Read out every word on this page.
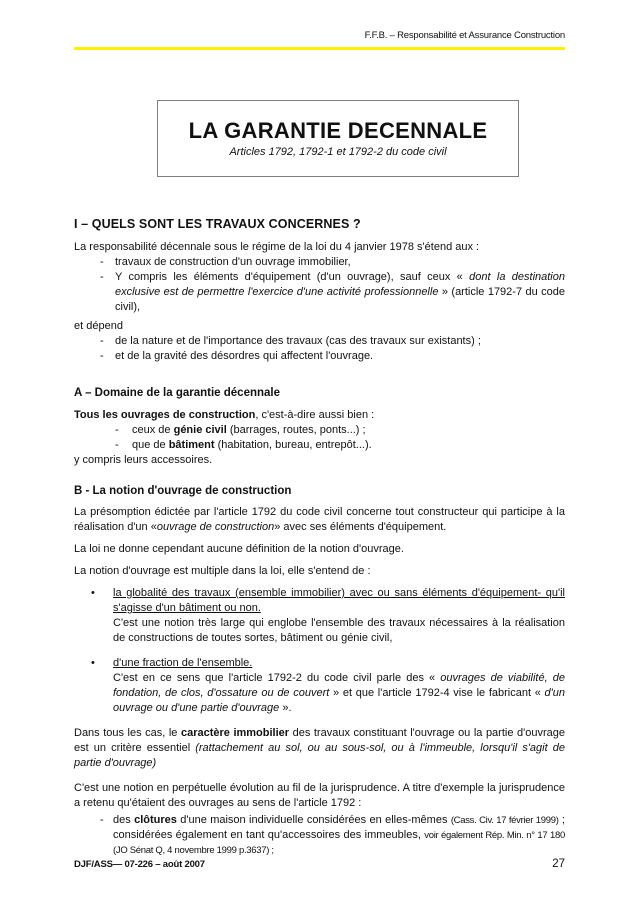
F.F.B. – Responsabilité et Assurance Construction
LA GARANTIE DECENNALE
Articles 1792, 1792-1 et 1792-2 du code civil
I – QUELS SONT LES TRAVAUX CONCERNES ?
La responsabilité décennale sous le régime de la loi du 4 janvier 1978 s'étend aux :
- travaux de construction d'un ouvrage immobilier,
- Y compris les éléments d'équipement (d'un ouvrage), sauf ceux « dont la destination exclusive est de permettre l'exercice d'une activité professionnelle » (article 1792-7 du code civil),
et dépend
- de la nature et de l'importance des travaux (cas des travaux sur existants) ;
- et de la gravité des désordres qui affectent l'ouvrage.
A – Domaine de la garantie décennale
Tous les ouvrages de construction, c'est-à-dire aussi bien :
- ceux de génie civil (barrages, routes, ponts...) ;
- que de bâtiment (habitation, bureau, entrepôt...).
y compris leurs accessoires.
B - La notion d'ouvrage de construction
La présomption édictée par l'article 1792 du code civil concerne tout constructeur qui participe à la réalisation d'un «ouvrage de construction» avec ses éléments d'équipement.
La loi ne donne cependant aucune définition de la notion d'ouvrage.
La notion d'ouvrage est multiple dans la loi, elle s'entend de :
• la globalité des travaux (ensemble immobilier) avec ou sans éléments d'équipement- qu'il s'agisse d'un bâtiment ou non.
C'est une notion très large qui englobe l'ensemble des travaux nécessaires à la réalisation de constructions de toutes sortes, bâtiment ou génie civil,
• d'une fraction de l'ensemble.
C'est en ce sens que l'article 1792-2 du code civil parle des « ouvrages de viabilité, de fondation, de clos, d'ossature ou de couvert » et que l'article 1792-4 vise le fabricant « d'un ouvrage ou d'une partie d'ouvrage ».
Dans tous les cas, le caractère immobilier des travaux constituant l'ouvrage ou la partie d'ouvrage est un critère essentiel (rattachement au sol, ou au sous-sol, ou à l'immeuble, lorsqu'il s'agit de partie d'ouvrage)
C'est une notion en perpétuelle évolution au fil de la jurisprudence. A titre d'exemple la jurisprudence a retenu qu'étaient des ouvrages au sens de l'article 1792 :
- des clôtures d'une maison individuelle considérées en elles-mêmes (Cass. Civ. 17 février 1999) ; considérées également en tant qu'accessoires des immeubles, voir également Rép. Min. n° 17 180 (JO Sénat Q, 4 novembre 1999 p.3637) ;
DJF/ASS— 07-226 – août 2007	27
